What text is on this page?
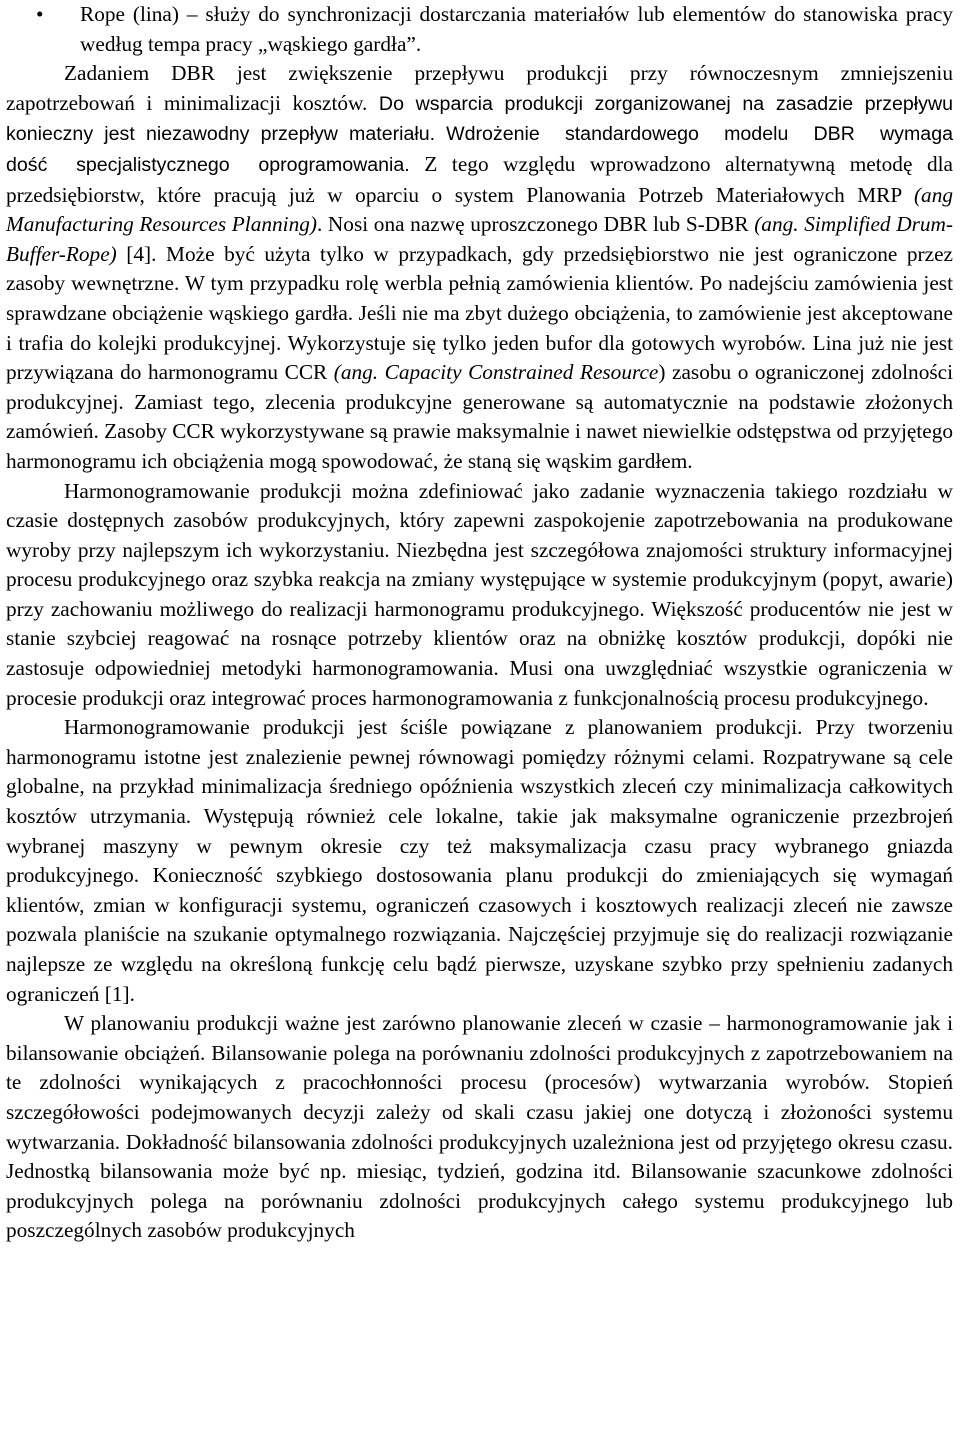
• Rope (lina) – służy do synchronizacji dostarczania materiałów lub elementów do stanowiska pracy według tempa pracy „wąskiego gardła”.

Zadaniem DBR jest zwiększenie przepływu produkcji przy równoczesnym zmniejszeniu zapotrzebowań i minimalizacji kosztów. Do wsparcia produkcji zorganizowanej na zasadzie przepływu konieczny jest niezawodny przepływ materiału. Wdrożenie standardowego modelu DBR wymaga dość specjalistycznego oprogramowania. Z tego względu wprowadzono alternatywną metodę dla przedsiębiorstw, które pracują już w oparciu o system Planowania Potrzeb Materiałowych MRP (ang Manufacturing Resources Planning). Nosi ona nazwę uproszczonego DBR lub S-DBR (ang. Simplified Drum-Buffer-Rope) [4]. Może być użyta tylko w przypadkach, gdy przedsiębiorstwo nie jest ograniczone przez zasoby wewnętrzne. W tym przypadku rolę werbla pełnią zamówienia klientów. Po nadejściu zamówienia jest sprawdzane obciążenie wąskiego gardła. Jeśli nie ma zbyt dużego obciążenia, to zamówienie jest akceptowane i trafia do kolejki produkcyjnej. Wykorzystuje się tylko jeden bufor dla gotowych wyrobów. Lina już nie jest przywiązana do harmonogramu CCR (ang. Capacity Constrained Resource) zasobu o ograniczonej zdolności produkcyjnej. Zamiast tego, zlecenia produkcyjne generowane są automatycznie na podstawie złożonych zamówień. Zasoby CCR wykorzystywane są prawie maksymalnie i nawet niewielkie odstępstwa od przyjętego harmonogramu ich obciążenia mogą spowodować, że staną się wąskim gardłem.

Harmonogramowanie produkcji można zdefiniować jako zadanie wyznaczenia takiego rozdziału w czasie dostępnych zasobów produkcyjnych, który zapewni zaspokojenie zapotrzebowania na produkowane wyroby przy najlepszym ich wykorzystaniu. Niezbędna jest szczegółowa znajomości struktury informacyjnej procesu produkcyjnego oraz szybka reakcja na zmiany występujące w systemie produkcyjnym (popyt, awarie) przy zachowaniu możliwego do realizacji harmonogramu produkcyjnego. Większość producentów nie jest w stanie szybciej reagować na rosnące potrzeby klientów oraz na obniżkę kosztów produkcji, dopóki nie zastosuje odpowiedniej metodyki harmonogramowania. Musi ona uwzględniać wszystkie ograniczenia w procesie produkcji oraz integrować proces harmonogramowania z funkcjonalnością procesu produkcyjnego.

Harmonogramowanie produkcji jest ściśle powiązane z planowaniem produkcji. Przy tworzeniu harmonogramu istotne jest znalezienie pewnej równowagi pomiędzy różnymi celami. Rozpatrywane są cele globalne, na przykład minimalizacja średniego opóźnienia wszystkich zleceń czy minimalizacja całkowitych kosztów utrzymania. Występują również cele lokalne, takie jak maksymalne ograniczenie przezbrojeń wybranej maszyny w pewnym okresie czy też maksymalizacja czasu pracy wybranego gniazda produkcyjnego. Konieczność szybkiego dostosowania planu produkcji do zmieniających się wymagań klientów, zmian w konfiguracji systemu, ograniczeń czasowych i kosztowych realizacji zleceń nie zawsze pozwala planiście na szukanie optymalnego rozwiązania. Najczęściej przyjmuje się do realizacji rozwiązanie najlepsze ze względu na określoną funkcję celu bądź pierwsze, uzyskane szybko przy spełnieniu zadanych ograniczeń [1].

W planowaniu produkcji ważne jest zarówno planowanie zleceń w czasie – harmonogramowanie jak i bilansowanie obciążeń. Bilansowanie polega na porównaniu zdolności produkcyjnych z zapotrzebowaniem na te zdolności wynikających z pracochłonności procesu (procesów) wytwarzania wyrobów. Stopień szczegółowości podejmowanych decyzji zależy od skali czasu jakiej one dotyczą i złożoności systemu wytwarzania. Dokładność bilansowania zdolności produkcyjnych uzależniona jest od przyjętego okresu czasu. Jednostką bilansowania może być np. miesiąc, tydzień, godzina itd. Bilansowanie szacunkowe zdolności produkcyjnych polega na porównaniu zdolności produkcyjnych całego systemu produkcyjnego lub poszczególnych zasobów produkcyjnych
